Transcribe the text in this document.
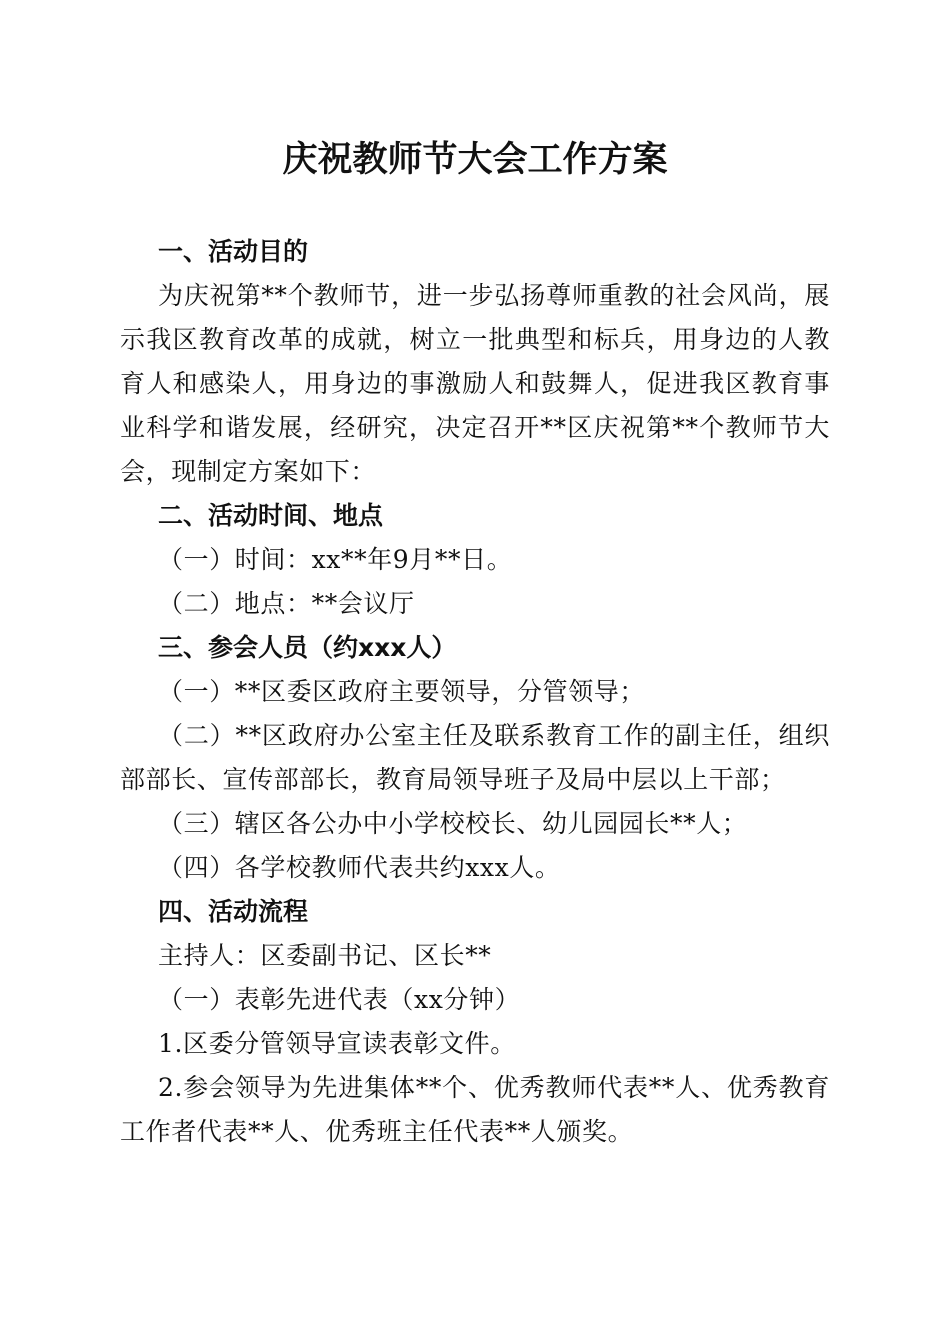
庆祝教师节大会工作方案
一、活动目的

为庆祝第**个教师节，进一步弘扬尊师重教的社会风尚，展示我区教育改革的成就，树立一批典型和标兵，用身边的人教育人和感染人，用身边的事激励人和鼓舞人，促进我区教育事业科学和谐发展，经研究，决定召开**区庆祝第**个教师节大会，现制定方案如下：

二、活动时间、地点

（一）时间：xx**年9月**日。

（二）地点：**会议厅

三、参会人员（约xxx人）

（一）**区委区政府主要领导，分管领导；

（二）**区政府办公室主任及联系教育工作的副主任，组织部部长、宣传部部长，教育局领导班子及局中层以上干部；

（三）辖区各公办中小学校校长、幼儿园园长**人；

（四）各学校教师代表共约xxx人。

四、活动流程

主持人：区委副书记、区长**

（一）表彰先进代表（xx分钟）

1.区委分管领导宣读表彰文件。

2.参会领导为先进集体**个、优秀教师代表**人、优秀教育工作者代表**人、优秀班主任代表**人颁奖。
